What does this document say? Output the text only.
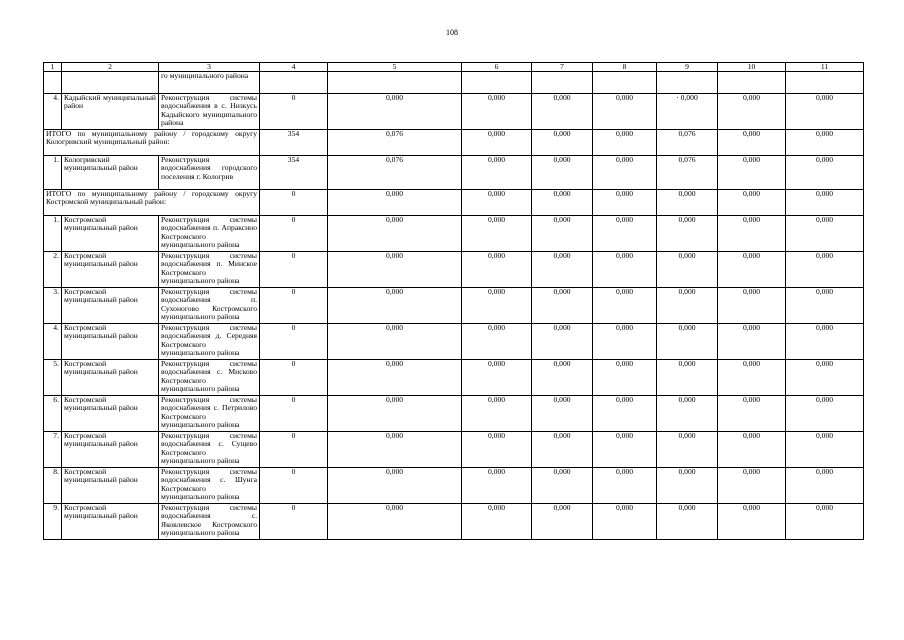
108
1	2	3	4	5	6	7	8	9	10	11
		го муниципального района								
4.	Кадыйский муниципальный район	Реконструкция системы водоснабжения в с. Низкусь Кадыйского муниципального района	0	0,000	0,000	0,000	0,000	· 0,000	0,000	0,000
ИТОГО по муниципальному району / городскому округу Кологривский муниципальный район:			354	0,076	0,000	0,000	0,000	0,076	0,000	0,000
1.	Кологривский муниципальный район	Реконструкция водоснабжения городского поселения г. Кологрив	354	0,076	0,000	0,000	0,000	0,076	0,000	0,000
ИТОГО по муниципальному району / городскому округу Костромской муниципальный район:			0	0,000	0,000	0,000	0,000	0,000	0,000	0,000
1.	Костромской муниципальный район	Реконструкция системы водоснабжения п. Апраксино Костромского муниципального района	0	0,000	0,000	0,000	0,000	0,000	0,000	0,000
2.	Костромской муниципальный район	Реконструкция системы водоснабжения п. Минское Костромского муниципального района	0	0,000	0,000	0,000	0,000	0,000	0,000	0,000
3.	Костромской муниципальный район	Реконструкция системы водоснабжения п. Сухоногово Костромского муниципального района	0	0,000	0,000	0,000	0,000	0,000	0,000	0,000
4.	Костромской муниципальный район	Реконструкция системы водоснабжения д. Середняя Костромского муниципального района	0	0,000	0,000	0,000	0,000	0,000	0,000	0,000
5.	Костромской муниципальный район	Реконструкция системы водоснабжения с. Мисково Костромского муниципального района	0	0,000	0,000	0,000	0,000	0,000	0,000	0,000
6.	Костромской муниципальный район	Реконструкция системы водоснабжения с. Петрилово Костромского муниципального района	0	0,000	0,000	0,000	0,000	0,000	0,000	0,000
7.	Костромской муниципальный район	Реконструкция системы водоснабжения с. Сущево Костромского муниципального района	0	0,000	0,000	0,000	0,000	0,000	0,000	0,000
8.	Костромской муниципальный район	Реконструкция системы водоснабжения с. Шунга Костромского муниципального района	0	0,000	0,000	0,000	0,000	0,000	0,000	0,000
9.	Костромской муниципальный район	Реконструкция системы водоснабжения с. Яковлевское Костромского муниципального района	0	0,000	0,000	0,000	0,000	0,000	0,000	0,000
